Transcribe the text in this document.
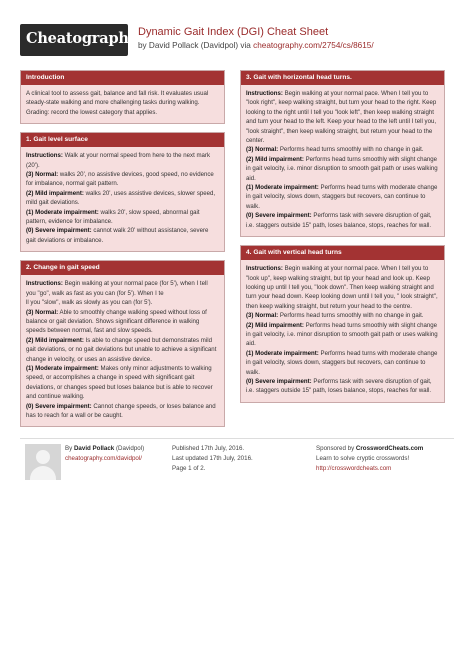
Cheatography Dynamic Gait Index (DGI) Cheat Sheet
by David Pollack (Davidpol) via cheatography.com/2754/cs/8615/
Introduction

A clinical tool to assess gait, balance and fall risk. It evaluates usual steady-state walking and more challenging tasks during walking. Grading: record the lowest category that applies.

1. Gait level surface

Instructions: Walk at your normal speed from here to the next mark (20').

(3) Normal: walks 20', no assistive devices, good speed, no evidence for imbalance, normal gait pattern.

(2) Mild impairment: walks 20', uses assistive devices, slower speed, mild gait deviations.

(1) Moderate impairment: walks 20', slow speed, abnormal gait pattern, evidence for imbalance.

(0) Severe impairment: cannot walk 20' without assistance, severe gait deviations or imbalance.

2. Change in gait speed

Instructions: Begin walking at your normal pace (for 5'), when I tell you "go", walk as fast as you can (for 5'). When I te

ll you "slow", walk as slowly as you can (for 5').

(3) Normal: Able to smoothly change walking speed without loss of balance or gait deviation. Shows significant difference in walking speeds between normal, fast and slow speeds.

(2) Mild impairment: Is able to change speed but demonstrates mild gait deviations, or no gait deviations but unable to achieve a significant change in velocity, or uses an assistive device.

(1) Moderate impairment: Makes only minor adjustments to walking speed, or accomplishes a change in speed with significant gait deviations, or changes speed but loses balance but is able to recover and continue walking.

(0) Severe impairment: Cannot change speeds, or loses balance and has to reach for a wall or be caught.

3. Gait with horizontal head turns.

Instructions: Begin walking at your normal pace. When I tell you to "look right", keep walking straight, but turn your head to the right. Keep looking to the right until I tell you "look left", then keep walking straight and turn your head to the left. Keep your head to the left until I tell you, "look straight", then keep walking straight, but return your head to the center.

(3) Normal: Performs head turns smoothly with no change in gait.

(2) Mild impairment: Performs head turns smoothly with slight change in gait velocity, i.e. minor disruption to smooth gait path or uses walking aid.

(1) Moderate impairment: Performs head turns with moderate change in gait velocity, slows down, staggers but recovers, can continue to walk.

(0) Severe impairment: Performs task with severe disruption of gait, i.e. staggers outside 15" path, loses balance, stops, reaches for wall.

4. Gait with vertical head turns

Instructions: Begin walking at your normal pace. When I tell you to "look up", keep walking straight, but tip your head and look up. Keep looking up until I tell you, "look down". Then keep walking straight and turn your head down. Keep looking down until I tell you, " look straight", then keep walking straight, but return your head to the centre.

(3) Normal: Performs head turns smoothly with no change in gait.

(2) Mild impairment: Performs head turns smoothly with slight change in gait velocity, i.e. minor disruption to smooth gait path or uses walking aid.

(1) Moderate impairment: Performs head turns with moderate change in gait velocity, slows down, staggers but recovers, can continue to walk.

(0) Severe impairment: Performs task with severe disruption of gait, i.e. staggers outside 15" path, loses balance, stops, reaches for wall.

By David Pollack (Davidpol)
cheatography.com/davidpol/
Published 17th July, 2016.
Last updated 17th July, 2016.
Page 1 of 2.
Sponsored by CrosswordCheats.com
Learn to solve cryptic crosswords!
http://crosswordcheats.com
